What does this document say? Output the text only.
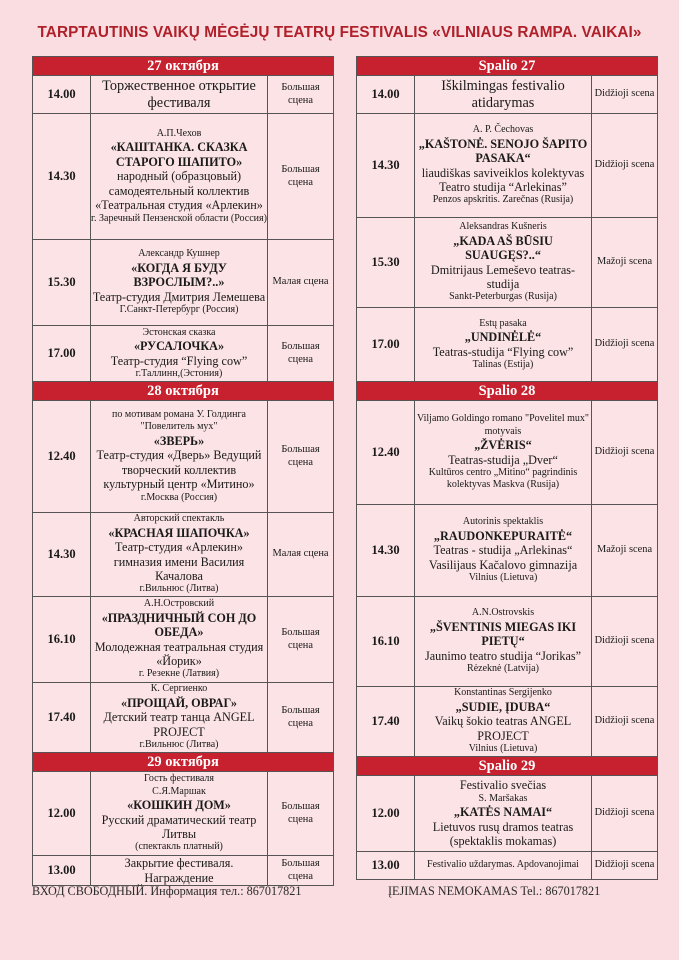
TARPTAUTINIS VAIKŲ MĖGĖJŲ TEATRŲ FESTIVALIS «VILNIAUS RAMPA. VAIKAI»
27 октября		
14.00	Торжественное открытие фестиваля	Большая сцена
14.30	А.П.Чехов
«КАШТАНКА. СКАЗКА СТАРОГО ШАПИТО»
народный (образцовый) самодеятельный коллектив «Театральная студия «Арлекин»
г. Заречный Пензенской области (Россия)	Большая сцена
15.30	Александр Кушнер
«КОГДА Я БУДУ ВЗРОСЛЫМ?..»
Театр-студия Дмитрия Лемешева
Г.Санкт-Петербург (Россия)	Малая сцена
17.00	Эстонская сказка
«РУСАЛОЧКА»
Театр-студия “Flying cow”
г.Таллинн,(Эстония)	Большая сцена
28 октября		
12.40	по мотивам романа У. Голдинга "Повелитель мух"
«ЗВЕРЬ»
Театр-студия «Дверь» Ведущий творческий коллектив культурный центр «Митино»
г.Москва (Россия)	Большая сцена
14.30	Авторский спектакль
«КРАСНАЯ ШАПОЧКА»
Театр-студия «Арлекин» гимназия имени Василия Качалова
г.Вильнюс (Литва)	Малая сцена
16.10	А.Н.Островский
«ПРАЗДНИЧНЫЙ СОН ДО ОБЕДА»
Молодежная театральная студия «Йорик»
г. Резекне (Латвия)	Большая сцена
17.40	К. Сергиенко
«ПРОЩАЙ, ОВРАГ»
Детский театр танца ANGEL PROJECT
г.Вильнюс (Литва)	Большая сцена
29 октября		
12.00	Гость фестиваля
С.Я.Маршак
«КОШКИН ДОМ»
Русский драматический театр Литвы
(спектакль платный)	Большая сцена
13.00	Закрытие фестиваля. Награждение	Большая сцена
Spalio 27		
14.00	Iškilmingas festivalio atidarymas	Didžioji scena
14.30	A. P. Čechovas
„KAŠTONĖ. SENOJO ŠAPITO PASAKA“
liaudiškas saviveiklos kolektyvas Teatro studija “Arlekinas”
Penzos apskritis. Zarečnas (Rusija)	Didžioji scena
15.30	Aleksandras Kušneris
„KADA AŠ BŪSIU SUAUGĘS?..“
Dmitrijaus Lemeševo teatras-studija
Sankt-Peterburgas (Rusija)	Mažoji scena
17.00	Estų pasaka
„UNDINĖLĖ“
Teatras-studija “Flying cow”
Talinas (Estija)	Didžioji scena
Spalio 28		
12.40	Viljamo Goldingo romano "Povelitel mux" motyvais
„ŽVĖRIS“
Teatras-studija „Dver“
Kultūros centro „Mitino“ pagrindinis kolektyvas Maskva (Rusija)	Didžioji scena
14.30	Autorinis spektaklis
„RAUDONKEPURAITĖ“
Teatras - studija „Arlekinas“ Vasilijaus Kačalovo gimnazija
Vilnius (Lietuva)	Mažoji scena
16.10	A.N.Ostrovskis
„ŠVENTINIS MIEGAS IKI PIETŲ“
Jaunimo teatro studija “Jorikas”
Rėzeknė (Latvija)	Didžioji scena
17.40	Konstantinas Sergijenko
„SUDIE, ĮDUBA“
Vaikų šokio teatras ANGEL PROJECT
Vilnius (Lietuva)	Didžioji scena
Spalio 29		
12.00	Festivalio svečias
S. Maršakas
„KATĖS NAMAI“
Lietuvos rusų dramos teatras (spektaklis mokamas)	Didžioji scena
13.00	Festivalio uždarymas. Apdovanojimai	Didžioji scena
ВХОД СВОБОДНЫЙ. Информация тел.: 867017821	ĮEJIMAS NEMOKAMAS Tel.: 867017821
